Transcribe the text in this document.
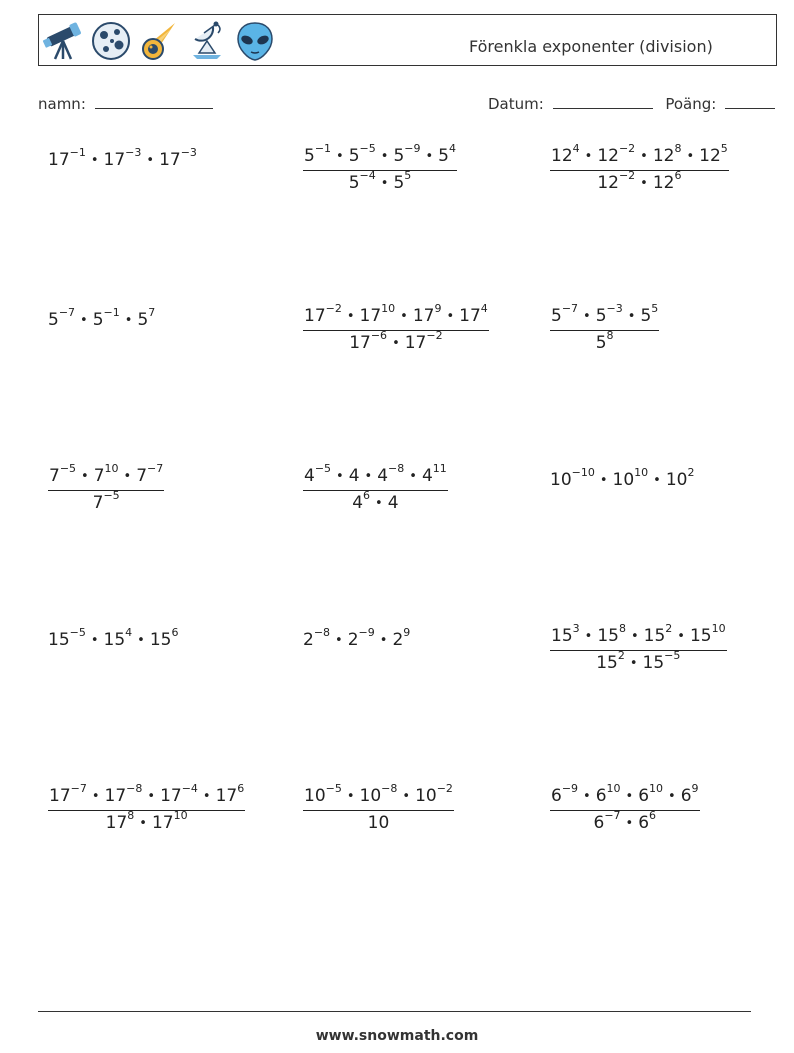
Förenkla exponenter (division)
namn:	Datum:	Poäng:
$17^{-1}•$ $17^{-3}•$ $17^{-3}$	$\frac{5^{-1}• 5^{-5}• 5^{-9}• 5^4}{5^{-4}• 5^5}$	$\frac{12^4• 12^{-2}• 12^8• 12^5}{12^{-2}• 12^6}$
$5^{-7}•$ $5^{-1}•$ $5^7$	$\frac{17^{-2}• 17^{10}• 17^9• 17^4}{17^{-6}• 17^{-2}}$	$\frac{5^{-7}• 5^{-3}• 5^5}{5^8}$
$\frac{7^{-5}• 7^{10}• 7^{-7}}{7^{-5}}$	$\frac{4^{-5}• 4 • 4^{-8}• 4^{11}}{4^6• 4}$	$10^{-10}•$ $10^{10}•$ $10^2$
$15^{-5}•$ $15^4•$ $15^6$	$2^{-8}•$ $2^{-9}•$ $2^9$	$\frac{15^3• 15^8• 15^2• 15^{10}}{15^2• 15^{-5}}$
$\frac{17^{-7}• 17^{-8}• 17^{-4}• 17^6}{17^8• 17^{10}}$	$\frac{10^{-5}• 10^{-8}• 10^{-2}}{10}$	$\frac{6^{-9}• 6^{10}• 6^{10}• 6^9}{6^{-7}• 6^6}$
www.snowmath.com
